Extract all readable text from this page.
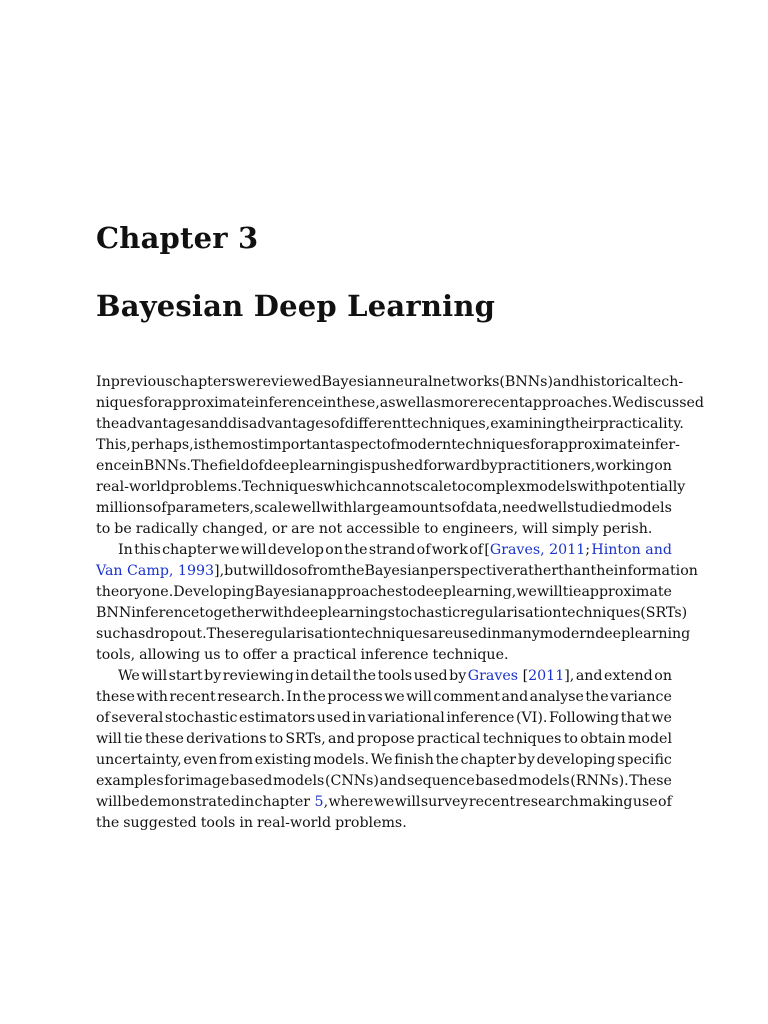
Chapter 3
Bayesian Deep Learning
In previous chapters we reviewed Bayesian neural networks (BNNs) and historical tech-
niques for approximate inference in these, as well as more recent approaches. We discussed
the advantages and disadvantages of different techniques, examining their practicality.
This, perhaps, is the most important aspect of modern techniques for approximate infer-
ence in BNNs. The field of deep learning is pushed forward by practitioners, working on
real-world problems. Techniques which cannot scale to complex models with potentially
millions of parameters, scale well with large amounts of data, need well studied models
to be radically changed, or are not accessible to engineers, will simply perish.
In this chapter we will develop on the strand of work of [Graves, 2011; Hinton and
Van Camp, 1993], but will do so from the Bayesian perspective rather than the information
theory one. Developing Bayesian approaches to deep learning, we will tie approximate
BNN inference together with deep learning stochastic regularisation techniques (SRTs)
such as dropout. These regularisation techniques are used in many modern deep learning
tools, allowing us to offer a practical inference technique.
We will start by reviewing in detail the tools used by Graves [2011], and extend on
these with recent research. In the process we will comment and analyse the variance
of several stochastic estimators used in variational inference (VI). Following that we
will tie these derivations to SRTs, and propose practical techniques to obtain model
uncertainty, even from existing models. We finish the chapter by developing specific
examples for image based models (CNNs) and sequence based models (RNNs). These
will be demonstrated in chapter 5, where we will survey recent research making use of
the suggested tools in real-world problems.
